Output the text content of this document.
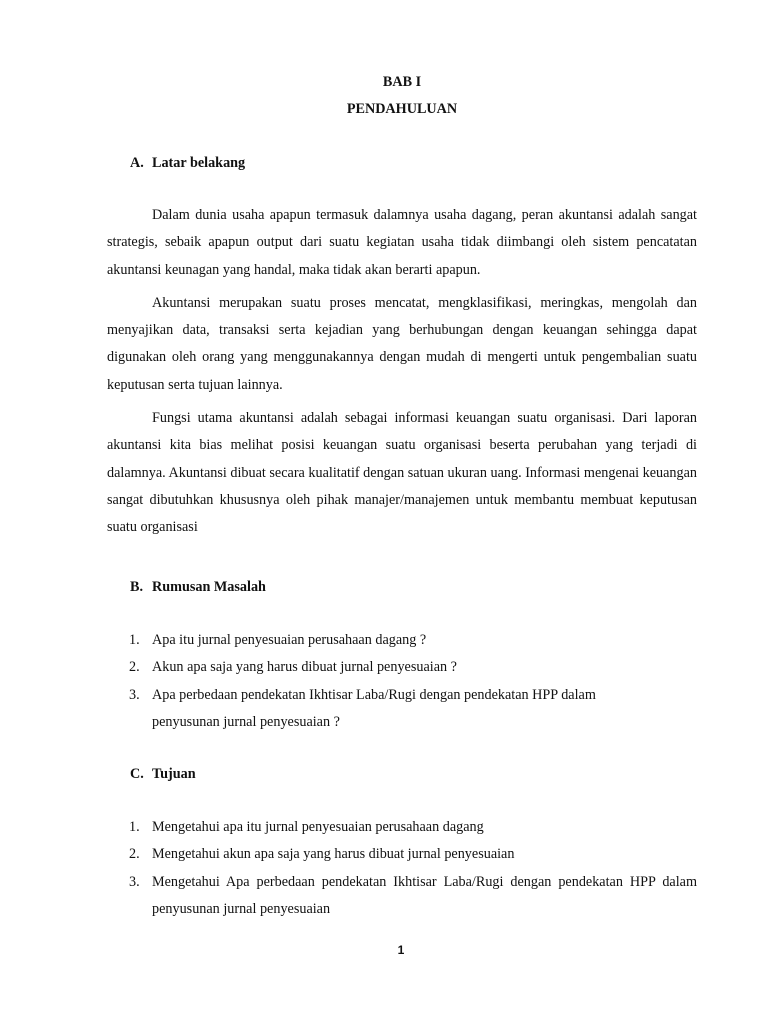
BAB I
PENDAHULUAN
A. Latar belakang

Dalam dunia usaha apapun termasuk dalamnya usaha dagang, peran akuntansi adalah sangat strategis, sebaik apapun output dari suatu kegiatan usaha tidak diimbangi oleh sistem pencatatan akuntansi keunagan yang handal, maka tidak akan berarti apapun.

Akuntansi merupakan suatu proses mencatat, mengklasifikasi, meringkas, mengolah dan menyajikan data, transaksi serta kejadian yang berhubungan dengan keuangan sehingga dapat digunakan oleh orang yang menggunakannya dengan mudah di mengerti untuk pengembalian suatu keputusan serta tujuan lainnya.

Fungsi utama akuntansi adalah sebagai informasi keuangan suatu organisasi. Dari laporan akuntansi kita bias melihat posisi keuangan suatu organisasi beserta perubahan yang terjadi di dalamnya. Akuntansi dibuat secara kualitatif dengan satuan ukuran uang. Informasi mengenai keuangan sangat dibutuhkan khususnya oleh pihak manajer/manajemen untuk membantu membuat keputusan suatu organisasi

B. Rumusan Masalah
1. Apa itu jurnal penyesuaian perusahaan dagang ?
2. Akun apa saja yang harus dibuat jurnal penyesuaian ?
3. Apa perbedaan pendekatan Ikhtisar Laba/Rugi dengan pendekatan HPP dalam penyusunan jurnal penyesuaian ?
C. Tujuan
1. Mengetahui apa itu jurnal penyesuaian perusahaan dagang
2. Mengetahui akun apa saja yang harus dibuat jurnal penyesuaian
3. Mengetahui Apa perbedaan pendekatan Ikhtisar Laba/Rugi dengan pendekatan HPP dalam penyusunan jurnal penyesuaian
1
